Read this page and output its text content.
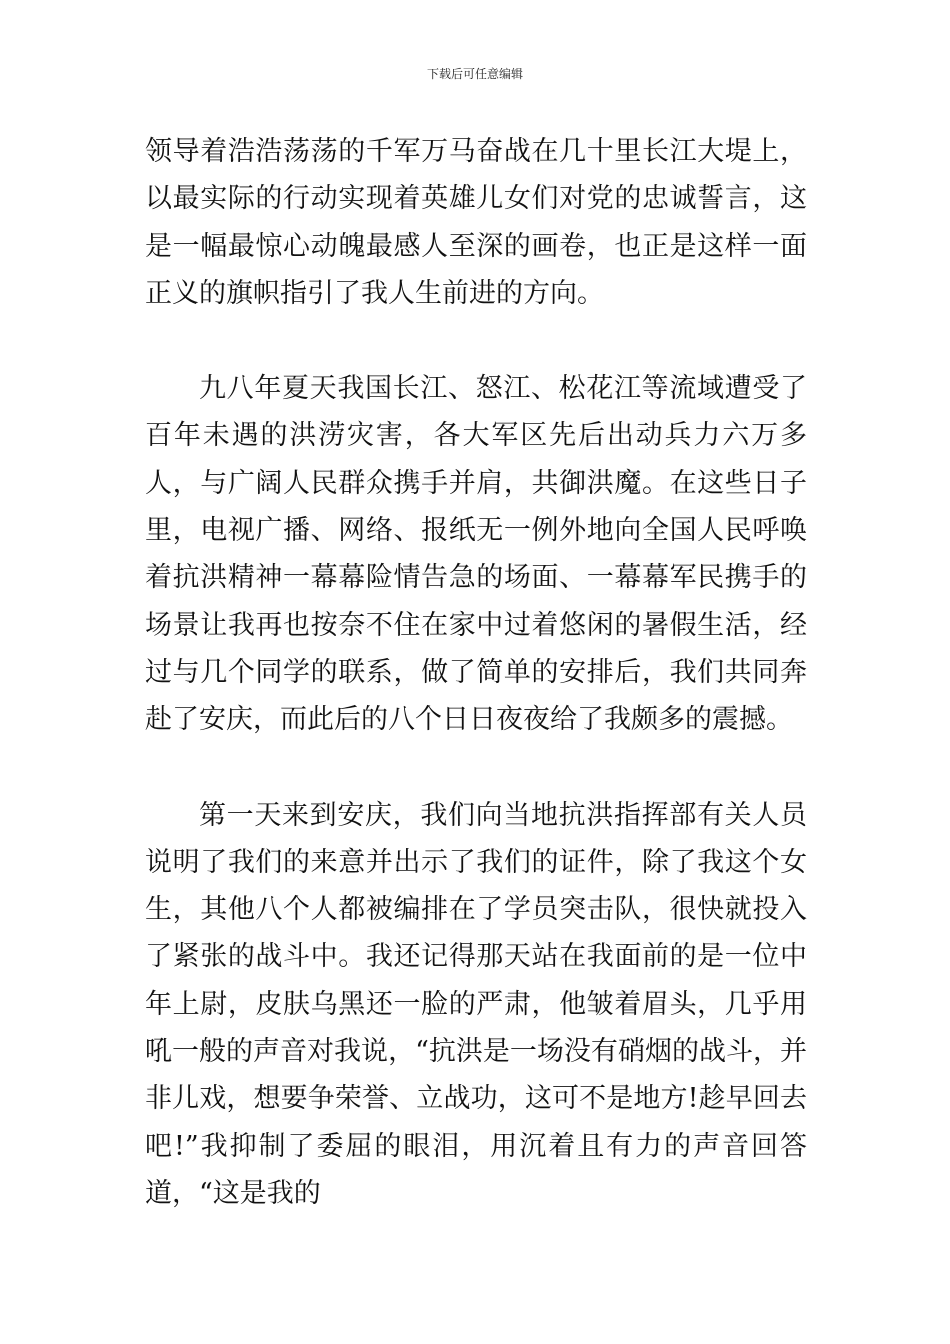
下载后可任意编辑

领导着浩浩荡荡的千军万马奋战在几十里长江大堤上，以最实际的行动实现着英雄儿女们对党的忠诚誓言，这是一幅最惊心动魄最感人至深的画卷，也正是这样一面正义的旗帜指引了我人生前进的方向。

九八年夏天我国长江、怒江、松花江等流域遭受了百年未遇的洪涝灾害，各大军区先后出动兵力六万多人，与广阔人民群众携手并肩，共御洪魔。在这些日子里，电视广播、网络、报纸无一例外地向全国人民呼唤着抗洪精神一幕幕险情告急的场面、一幕幕军民携手的场景让我再也按奈不住在家中过着悠闲的暑假生活，经过与几个同学的联系，做了简单的安排后，我们共同奔赴了安庆，而此后的八个日日夜夜给了我颇多的震撼。

第一天来到安庆，我们向当地抗洪指挥部有关人员说明了我们的来意并出示了我们的证件，除了我这个女生，其他八个人都被编排在了学员突击队，很快就投入了紧张的战斗中。我还记得那天站在我面前的是一位中年上尉，皮肤乌黑还一脸的严肃，他皱着眉头，几乎用吼一般的声音对我说，“抗洪是一场没有硝烟的战斗，并非儿戏，想要争荣誉、立战功，这可不是地方!趁早回去吧!”我抑制了委屈的眼泪，用沉着且有力的声音回答道，“这是我的
